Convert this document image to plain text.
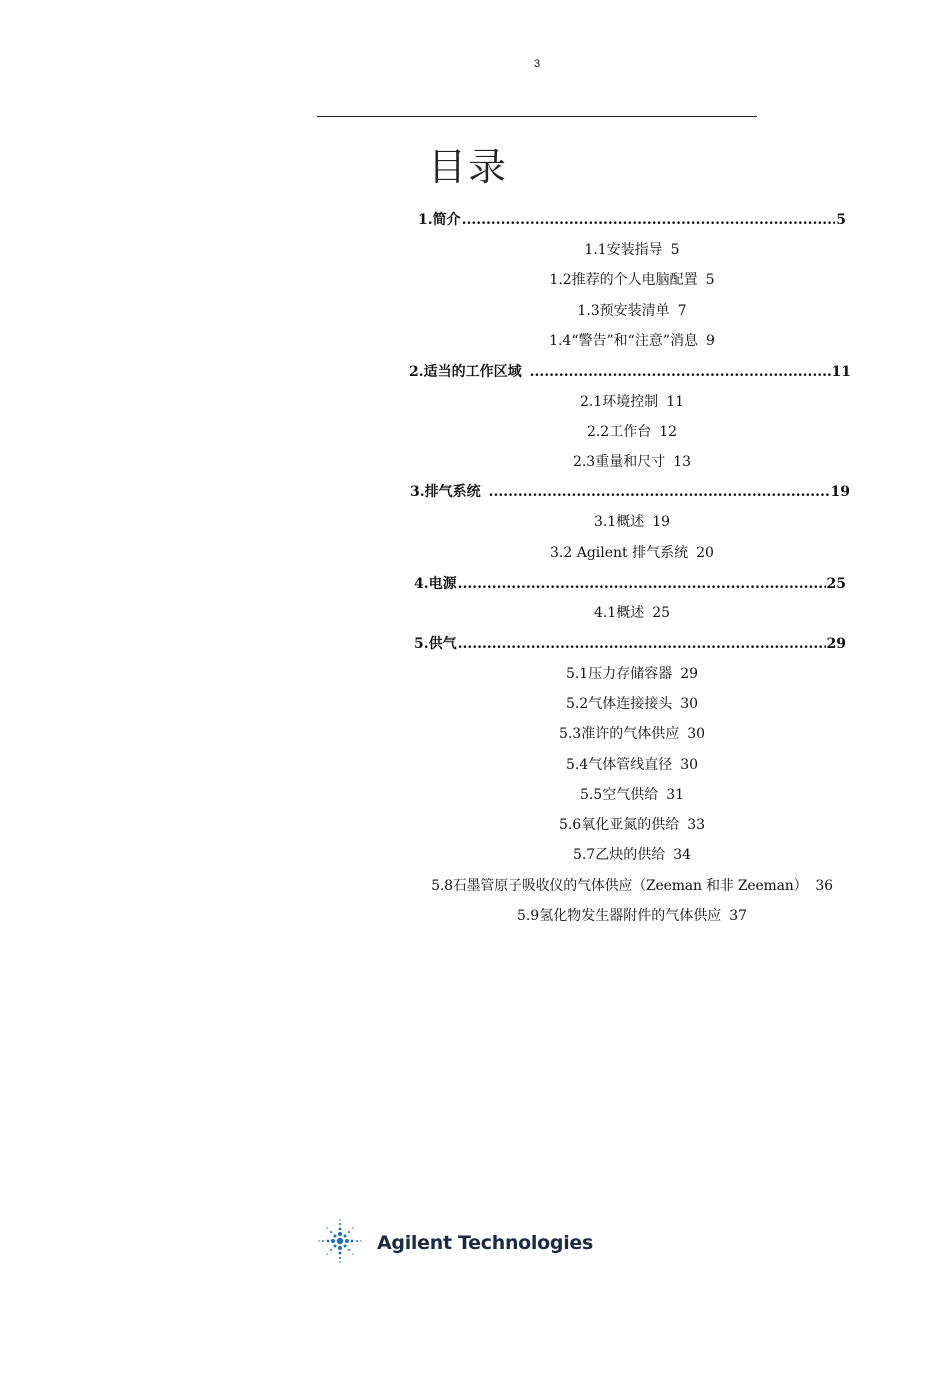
3
目录
1.简介 .....	5
1.1安装指导 5
1.2推荐的个人电脑配置 5
1.3预安装清单 7
1.4“警告”和“注意”消息 9
2.适当的工作区域 .....	11
2.1环境控制 11
2.2工作台 12
2.3重量和尺寸 13
3.排气系统 .....	19
3.1概述 19
3.2 Agilent 排气系统 20
4.电源 .....	25
4.1概述 25
5.供气 .....	29
5.1压力存储容器 29
5.2气体连接接头 30
5.3准许的气体供应 30
5.4气体管线直径 30
5.5空气供给 31
5.6氧化亚氮的供给 33
5.7乙炔的供给 34
5.8石墨管原子吸收仪的气体供应（Zeeman 和非 Zeeman） 36
5.9氢化物发生器附件的气体供应 37
Agilent Technologies
